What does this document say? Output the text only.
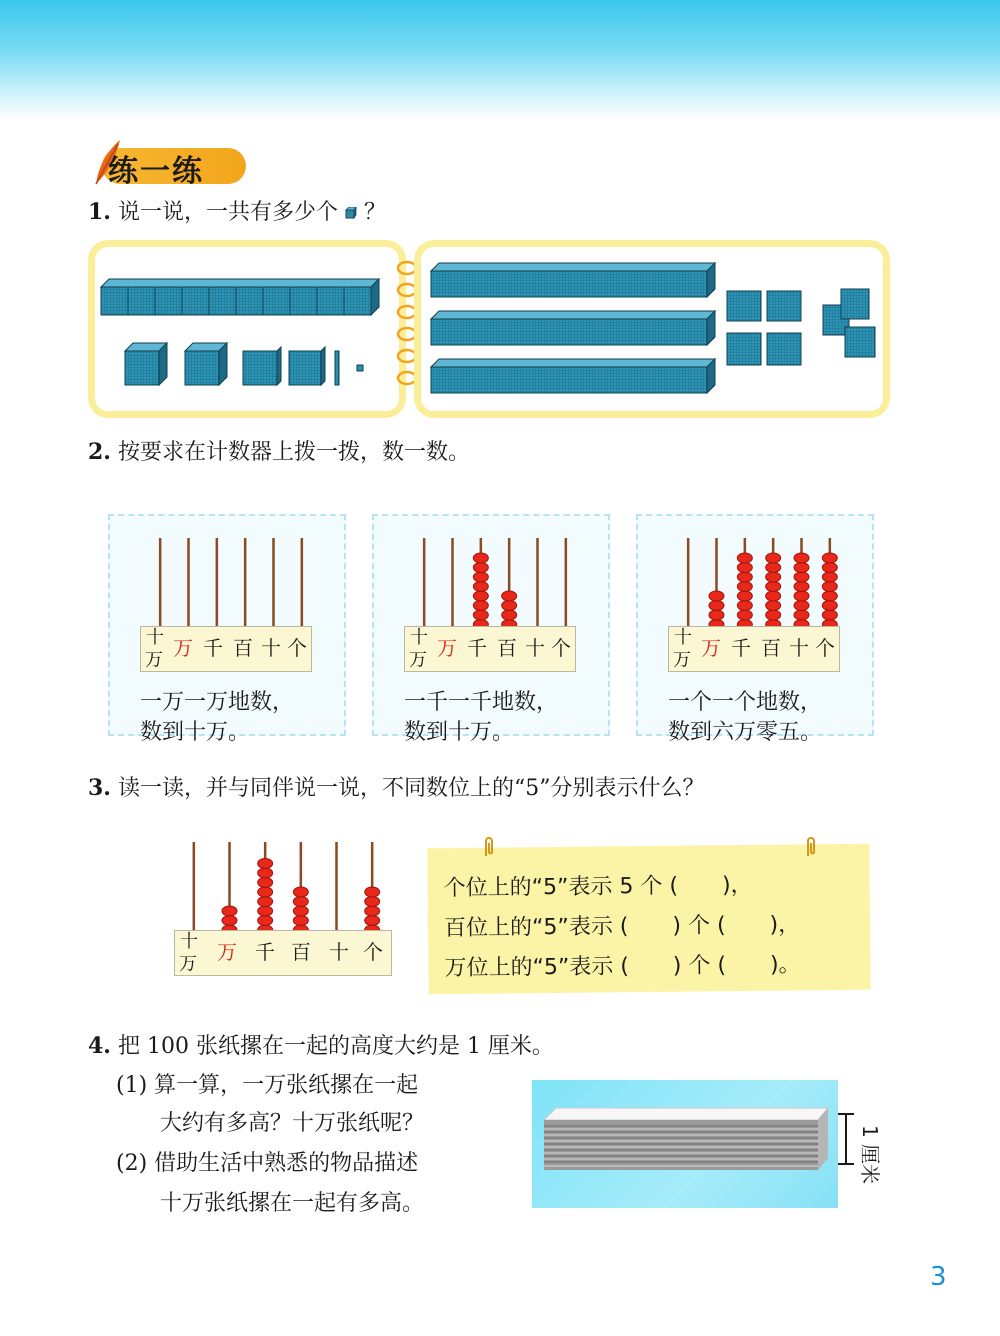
练一练
1. 说一说，一共有多少个 ？
2. 按要求在计数器上拨一拨，数一数。
十
万
万 千 百 十 个
一万一万地数，
数到十万。
十
万
万 千 百 十 个
一千一千地数，
数到十万。
十
万
万 千 百 十 个
一个一个地数，
数到六万零五。
3. 读一读，并与同伴说一说，不同数位上的“5”分别表示什么？
十
万
万 千 百 十 个
个位上的“5”表示 5 个 (　　)，
百位上的“5”表示 (　　) 个 (　　)，
万位上的“5”表示 (　　) 个 (　　)。
4. 把 100 张纸摞在一起的高度大约是 1 厘米。
(1) 算一算，一万张纸摞在一起
大约有多高？十万张纸呢？
(2) 借助生活中熟悉的物品描述
十万张纸摞在一起有多高。
1 厘米
3
